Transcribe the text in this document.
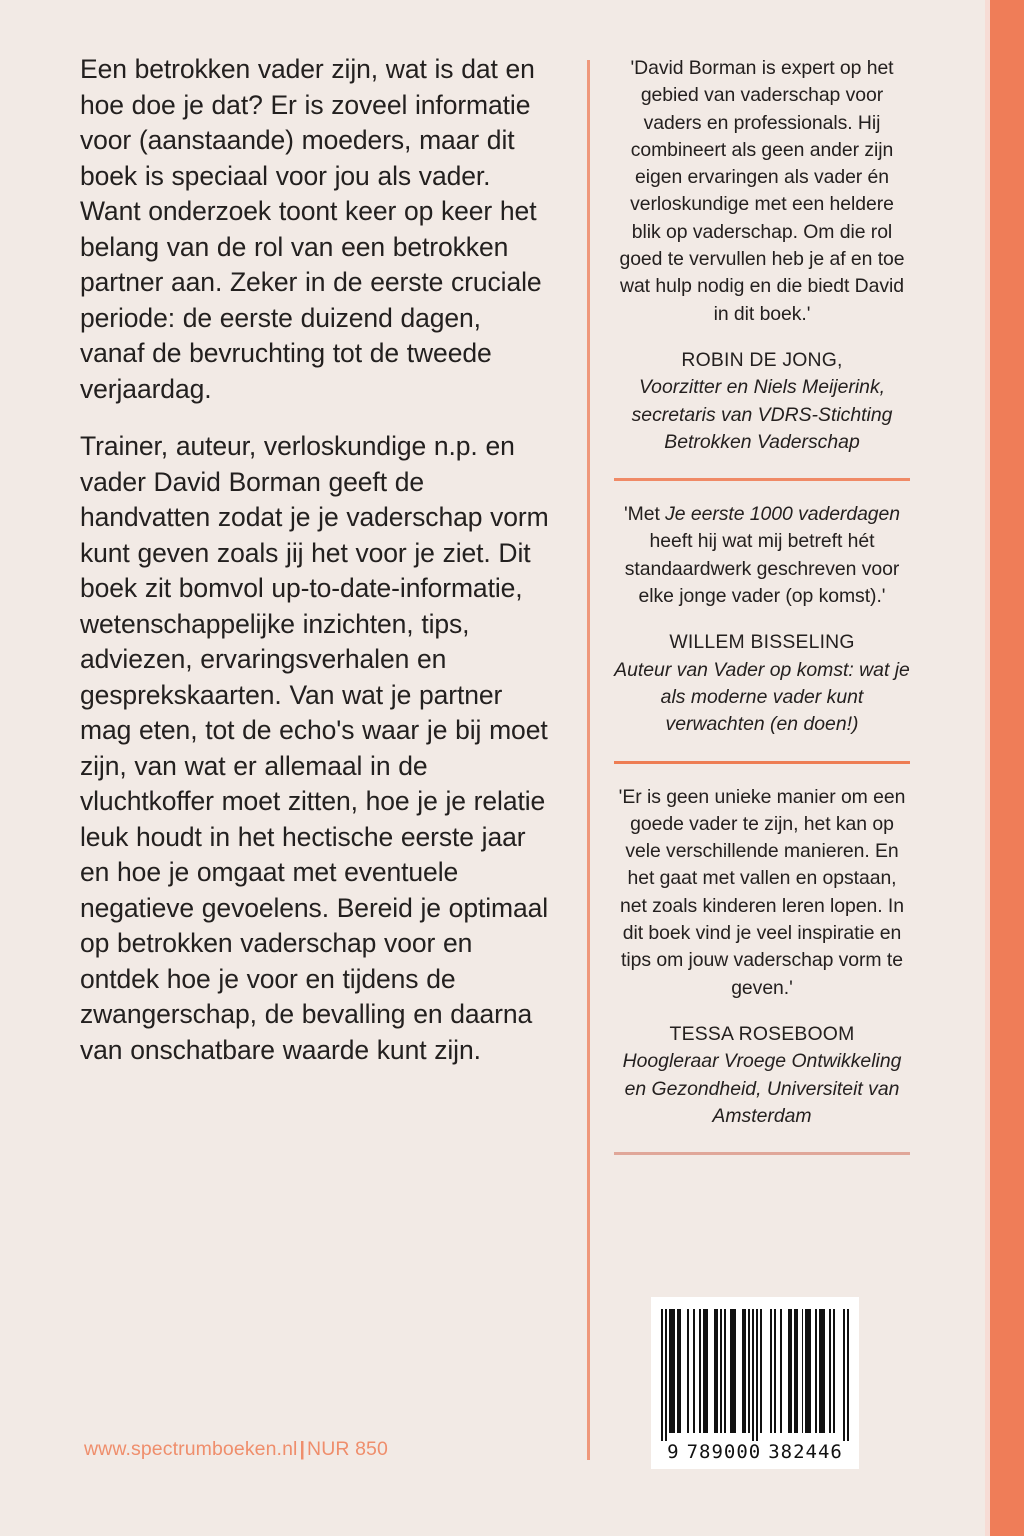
Een betrokken vader zijn, wat is dat en hoe doe je dat? Er is zoveel informatie voor (aanstaande) moeders, maar dit boek is speciaal voor jou als vader. Want onderzoek toont keer op keer het belang van de rol van een betrokken partner aan. Zeker in de eerste cruciale periode: de eerste duizend dagen, vanaf de bevruchting tot de tweede verjaardag.

Trainer, auteur, verloskundige n.p. en vader David Borman geeft de handvatten zodat je je vaderschap vorm kunt geven zoals jij het voor je ziet. Dit boek zit bomvol up-to-date-informatie, wetenschappelijke inzichten, tips, adviezen, ervaringsverhalen en gesprekskaarten. Van wat je partner mag eten, tot de echo's waar je bij moet zijn, van wat er allemaal in de vluchtkoffer moet zitten, hoe je je relatie leuk houdt in het hectische eerste jaar en hoe je omgaat met eventuele negatieve gevoelens. Bereid je optimaal op betrokken vaderschap voor en ontdek hoe je voor en tijdens de zwangerschap, de bevalling en daarna van onschatbare waarde kunt zijn.

'David Borman is expert op het gebied van vaderschap voor vaders en professionals. Hij combineert als geen ander zijn eigen ervaringen als vader én verloskundige met een heldere blik op vaderschap. Om die rol goed te vervullen heb je af en toe wat hulp nodig en die biedt David in dit boek.'

ROBIN DE JONG,

Voorzitter en Niels Meijerink, secretaris van VDRS-Stichting Betrokken Vaderschap

'Met Je eerste 1000 vaderdagen heeft hij wat mij betreft hét standaardwerk geschreven voor elke jonge vader (op komst).'

WILLEM BISSELING

Auteur van Vader op komst: wat je als moderne vader kunt verwachten (en doen!)

'Er is geen unieke manier om een goede vader te zijn, het kan op vele verschillende manieren. En het gaat met vallen en opstaan, net zoals kinderen leren lopen. In dit boek vind je veel inspiratie en tips om jouw vaderschap vorm te geven.'

TESSA ROSEBOOM

Hoogleraar Vroege Ontwikkeling en Gezondheid, Universiteit van Amsterdam

www.spectrumboeken.nl | NUR 850	9 789000 382446
